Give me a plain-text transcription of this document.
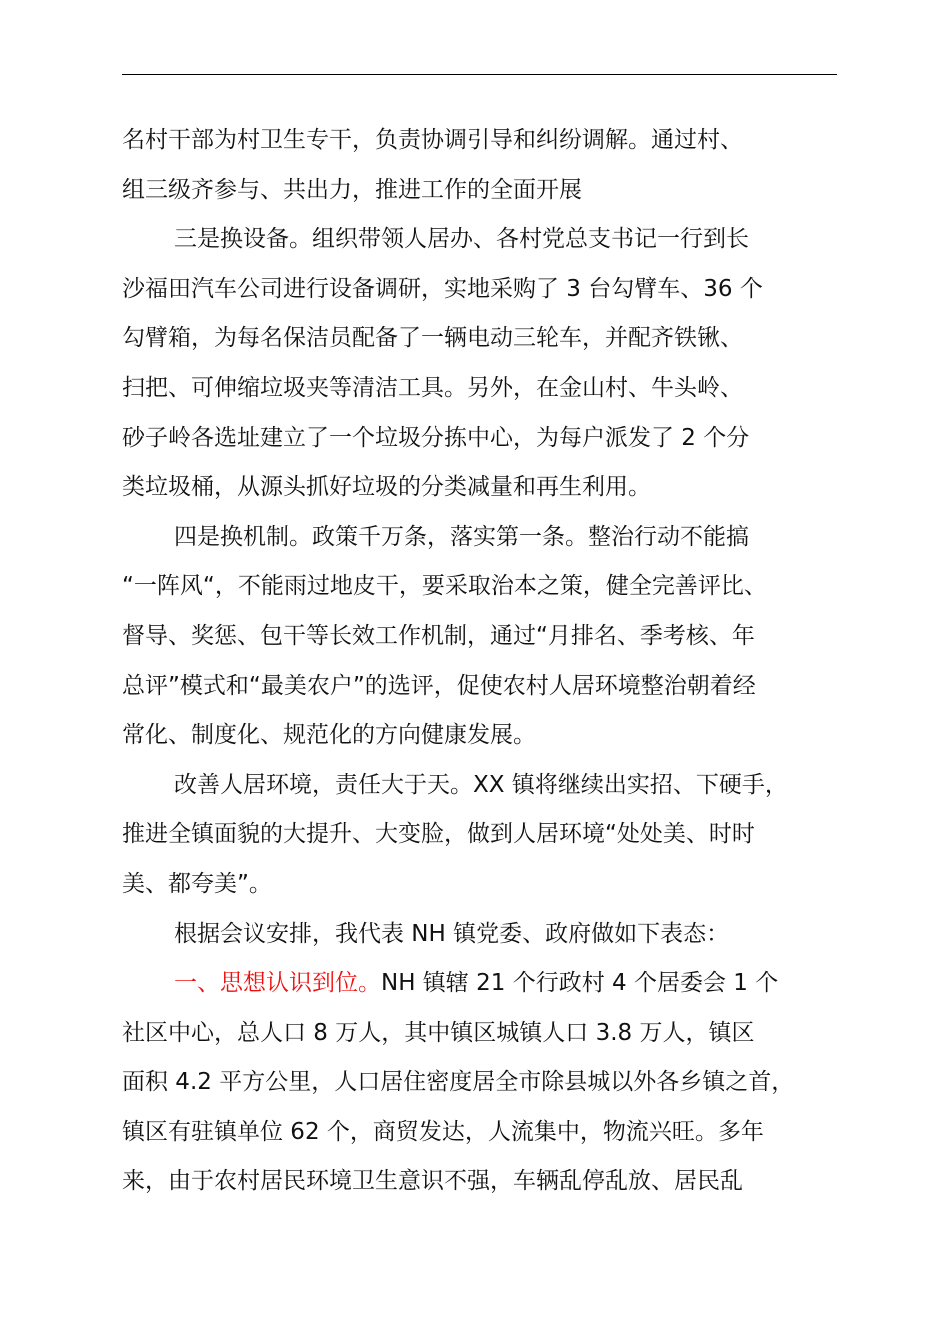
名村干部为村卫生专干，负责协调引导和纠纷调解。通过村、
组三级齐参与、共出力，推进工作的全面开展
三是换设备。组织带领人居办、各村党总支书记一行到长
沙福田汽车公司进行设备调研，实地采购了 3 台勾臂车、36 个
勾臂箱，为每名保洁员配备了一辆电动三轮车，并配齐铁锹、
扫把、可伸缩垃圾夹等清洁工具。另外，在金山村、牛头岭、
砂子岭各选址建立了一个垃圾分拣中心，为每户派发了 2 个分
类垃圾桶，从源头抓好垃圾的分类减量和再生利用。
四是换机制。政策千万条，落实第一条。整治行动不能搞
“一阵风“，不能雨过地皮干，要采取治本之策，健全完善评比、
督导、奖惩、包干等长效工作机制，通过“月排名、季考核、年
总评”模式和“最美农户”的选评，促使农村人居环境整治朝着经
常化、制度化、规范化的方向健康发展。
改善人居环境，责任大于天。XX 镇将继续出实招、下硬手，
推进全镇面貌的大提升、大变脸，做到人居环境“处处美、时时
美、都夸美”。
根据会议安排，我代表 NH 镇党委、政府做如下表态：
一、思想认识到位。NH 镇辖 21 个行政村 4 个居委会 1 个
社区中心，总人口 8 万人，其中镇区城镇人口 3.8 万人，镇区
面积 4.2 平方公里，人口居住密度居全市除县城以外各乡镇之首，
镇区有驻镇单位 62 个，商贸发达，人流集中，物流兴旺。多年
来，由于农村居民环境卫生意识不强，车辆乱停乱放、居民乱
